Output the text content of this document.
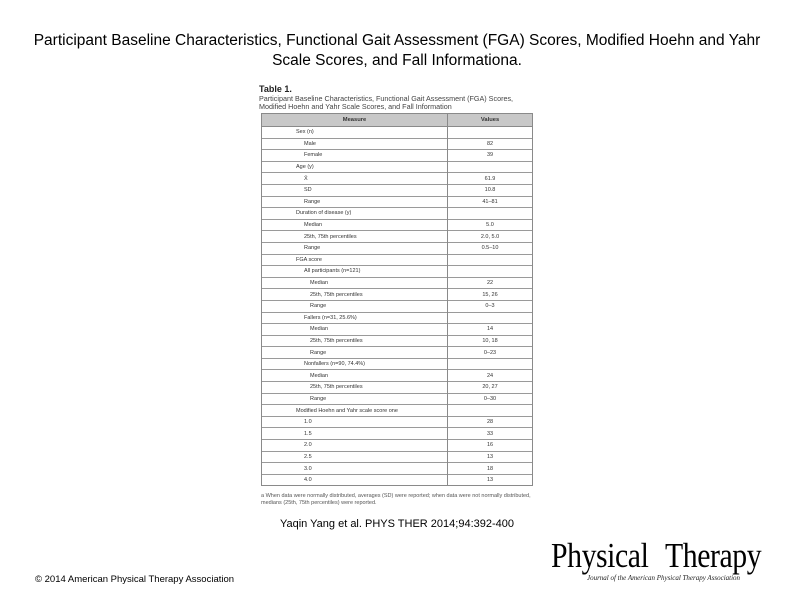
Participant Baseline Characteristics, Functional Gait Assessment (FGA) Scores, Modified Hoehn and Yahr Scale Scores, and Fall Informationa.
Table 1.
Participant Baseline Characteristics, Functional Gait Assessment (FGA) Scores, Modified Hoehn and Yahr Scale Scores, and Fall Information
Measure	Values
Sex (n)	
Male	82
Female	39
Age (y)	
X̄	61.9
SD	10.8
Range	41–81
Duration of disease (y)	
Median	5.0
25th, 75th percentiles	2.0, 5.0
Range	0.5–10
FGA score	
All participants (n=121)	
Median	22
25th, 75th percentiles	15, 26
Range	0–3
Fallers (n=31, 25.6%)	
Median	14
25th, 75th percentiles	10, 18
Range	0–23
Nonfallers (n=90, 74.4%)	
Median	24
25th, 75th percentiles	20, 27
Range	0–30
Modified Hoehn and Yahr scale score one	
1.0	28
1.5	33
2.0	16
2.5	13
3.0	18
4.0	13
a When data were normally distributed, averages (SD) were reported; when data were not normally distributed, medians (25th, 75th percentiles) were reported.
Yaqin Yang et al. PHYS THER 2014;94:392-400
© 2014 American Physical Therapy Association
Physical Therapy
Journal of the American Physical Therapy Association
